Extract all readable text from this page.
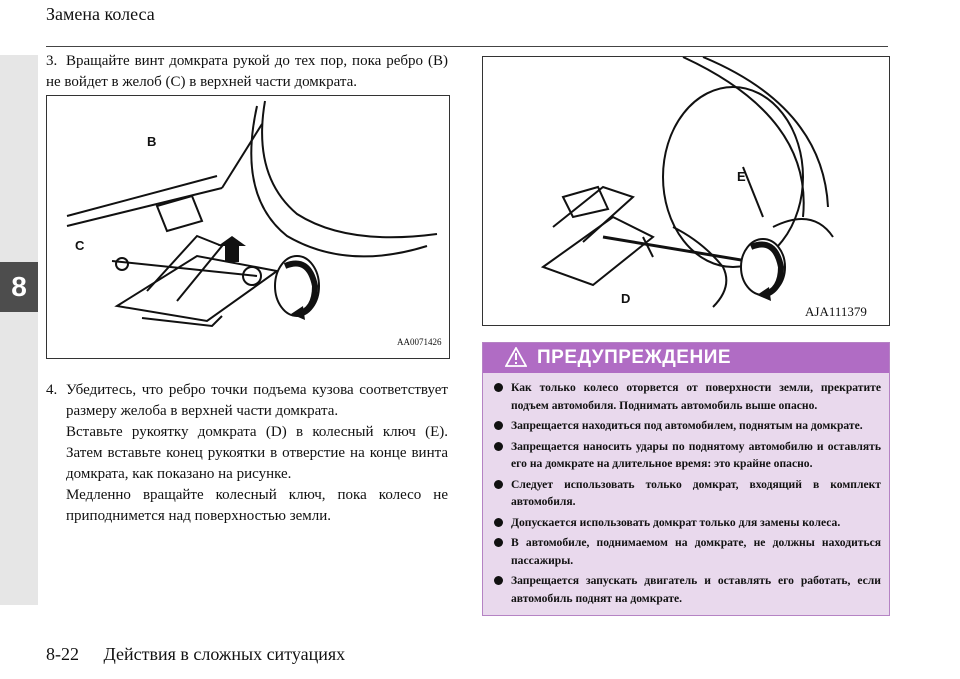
8
Замена колеса
3. Вращайте винт домкрата рукой до тех пор, пока ребро (B) не войдет в желоб (C) в верхней части домкрата.
B
C
AA0071426
E
D
AJA111379
4. Убедитесь, что ребро точки подъема кузова соответствует размеру желоба в верхней части домкрата.
Вставьте рукоятку домкрата (D) в колесный ключ (E). Затем вставьте конец рукоятки в отверстие на конце винта домкрата, как показано на рисунке.
Медленно вращайте колесный ключ, пока колесо не приподнимется над поверхностью земли.
ПРЕДУПРЕЖДЕНИЕ
Как только колесо оторвется от поверхности земли, прекратите подъем автомобиля. Поднимать автомобиль выше опасно.
Запрещается находиться под автомобилем, поднятым на домкрате.
Запрещается наносить удары по поднятому автомобилю и оставлять его на домкрате на длительное время: это крайне опасно.
Следует использовать только домкрат, входящий в комплект автомобиля.
Допускается использовать домкрат только для замены колеса.
В автомобиле, поднимаемом на домкрате, не должны находиться пассажиры.
Запрещается запускать двигатель и оставлять его работать, если автомобиль поднят на домкрате.
8-22 Действия в сложных ситуациях
